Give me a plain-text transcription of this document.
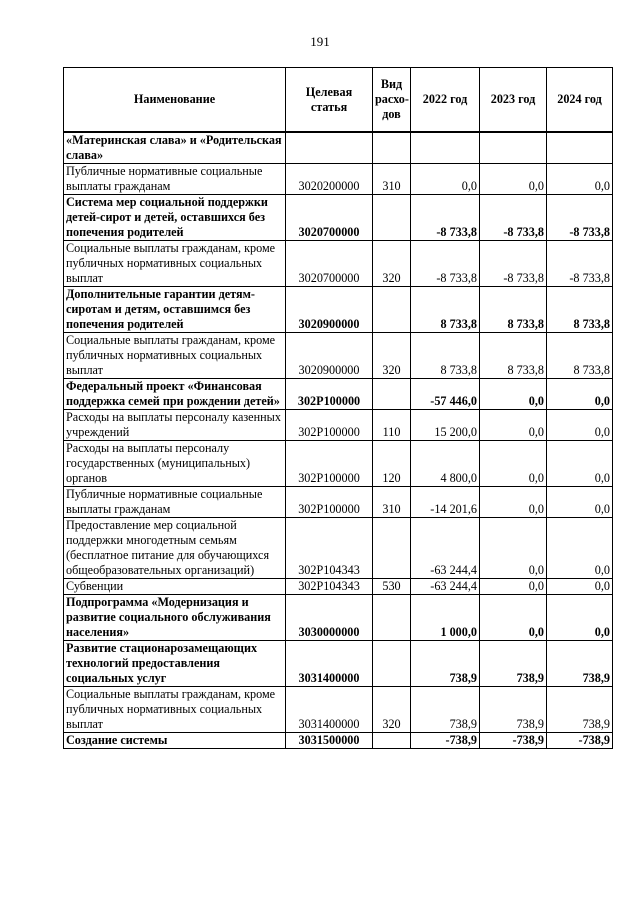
191
Наименование	Целевая статья	Вид расхо-дов	2022 год	2023 год	2024 год
«Материнская слава» и «Родительская слава»					
Публичные нормативные социальные выплаты гражданам	3020200000	310	0,0	0,0	0,0
Система мер социальной поддержки детей-сирот и детей, оставшихся без попечения родителей	3020700000		-8 733,8	-8 733,8	-8 733,8
Социальные выплаты гражданам, кроме публичных нормативных социальных выплат	3020700000	320	-8 733,8	-8 733,8	-8 733,8
Дополнительные гарантии детям-сиротам и детям, оставшимся без попечения родителей	3020900000		8 733,8	8 733,8	8 733,8
Социальные выплаты гражданам, кроме публичных нормативных социальных выплат	3020900000	320	8 733,8	8 733,8	8 733,8
Федеральный проект «Финансовая поддержка семей при рождении детей»	302P100000		-57 446,0	0,0	0,0
Расходы на выплаты персоналу казенных учреждений	302P100000	110	15 200,0	0,0	0,0
Расходы на выплаты персоналу государственных (муниципальных) органов	302P100000	120	4 800,0	0,0	0,0
Публичные нормативные социальные выплаты гражданам	302P100000	310	-14 201,6	0,0	0,0
Предоставление мер социальной поддержки многодетным семьям (бесплатное питание для обучающихся общеобразовательных организаций)	302P104343		-63 244,4	0,0	0,0
Субвенции	302P104343	530	-63 244,4	0,0	0,0
Подпрограмма «Модернизация и развитие социального обслуживания населения»	3030000000		1 000,0	0,0	0,0
Развитие стационарозамещающих технологий предоставления социальных услуг	3031400000		738,9	738,9	738,9
Социальные выплаты гражданам, кроме публичных нормативных социальных выплат	3031400000	320	738,9	738,9	738,9
Создание системы	3031500000		-738,9	-738,9	-738,9
